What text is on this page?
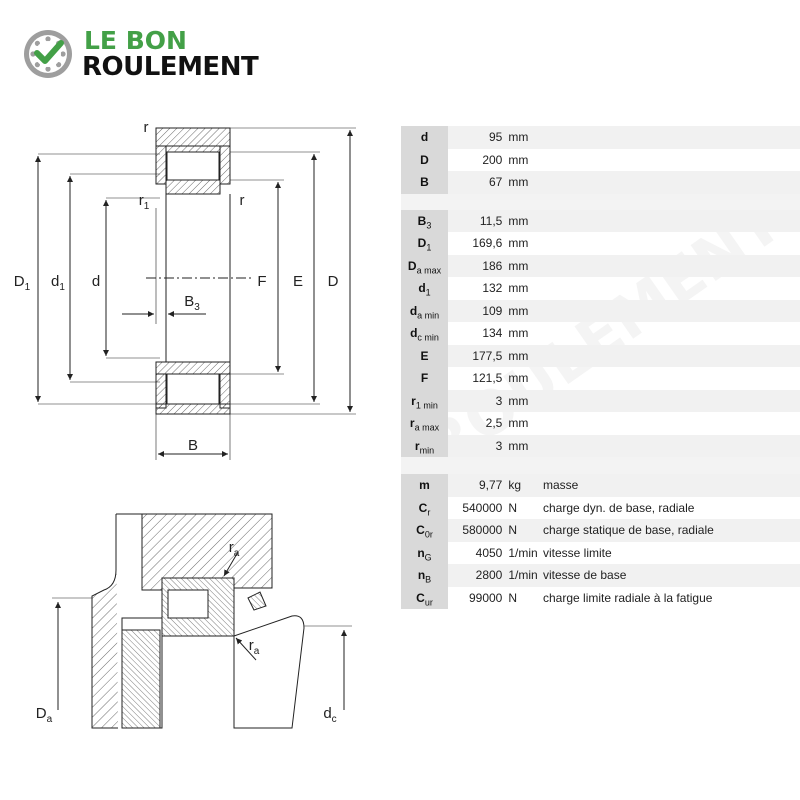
LE BON
ROULEMENT
r
$r_1$	r
$D_1$ $d_1$ d
$B_3$
F E D
B
$r_a$
$r_a$
$D_a$	$d_c$
d	95 mm
D	200 mm
B	67 mm
$B_3$	11,5 mm
$D_1$	169,6 mm
$D_{a max}$	186 mm
$d_1$	132 mm
$d_{a min}$	109 mm
$d_{c min}$	134 mm
E	177,5 mm
F	121,5 mm
$r_{1 min}$	3 mm
$r_{a max}$	2,5 mm
$r_{min}$	3 mm
m	9,77 kg	masse
$C_r$	540000 N	charge dyn. de base, radiale
$C_{0r}$	580000 N	charge statique de base, radiale
$n_G$	4050 1/min vitesse limite
$n_B$	2800 1/min vitesse de base
$C_{ur}$	99000 N	charge limite radiale à la fatigue
